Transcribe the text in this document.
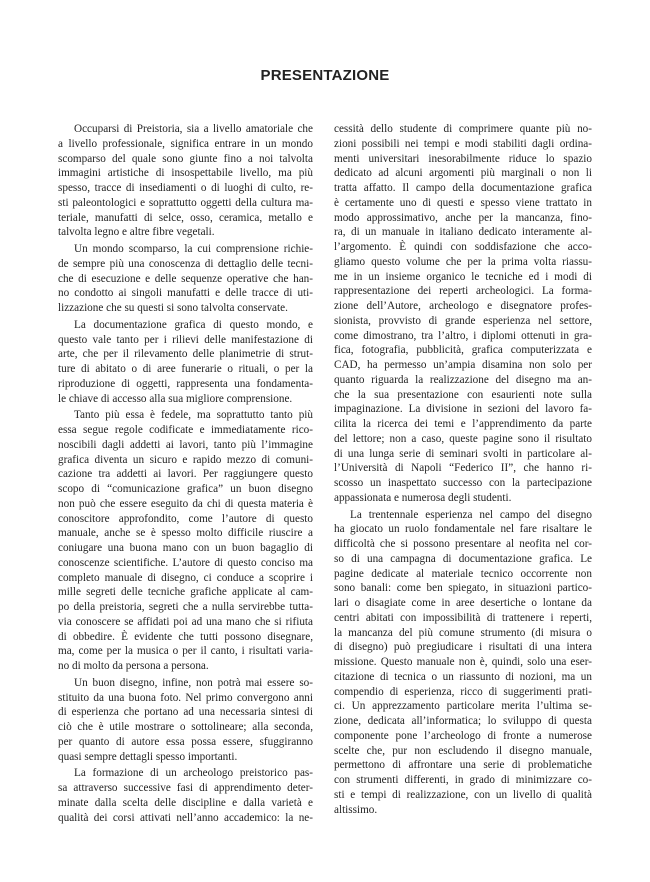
PRESENTAZIONE
Occuparsi di Preistoria, sia a livello amatoriale che
a livello professionale, significa entrare in un mondo
scomparso del quale sono giunte fino a noi talvolta
immagini artistiche di insospettabile livello, ma più
spesso, tracce di insediamenti o di luoghi di culto, re-
sti paleontologici e soprattutto oggetti della cultura ma-
teriale, manufatti di selce, osso, ceramica, metallo e
talvolta legno e altre fibre vegetali.
Un mondo scomparso, la cui comprensione richie-
de sempre più una conoscenza di dettaglio delle tecni-
che di esecuzione e delle sequenze operative che han-
no condotto ai singoli manufatti e delle tracce di uti-
lizzazione che su questi si sono talvolta conservate.
La documentazione grafica di questo mondo, e
questo vale tanto per i rilievi delle manifestazione di
arte, che per il rilevamento delle planimetrie di strut-
ture di abitato o di aree funerarie o rituali, o per la
riproduzione di oggetti, rappresenta una fondamenta-
le chiave di accesso alla sua migliore comprensione.
Tanto più essa è fedele, ma soprattutto tanto più
essa segue regole codificate e immediatamente rico-
noscibili dagli addetti ai lavori, tanto più l’immagine
grafica diventa un sicuro e rapido mezzo di comuni-
cazione tra addetti ai lavori. Per raggiungere questo
scopo di “comunicazione grafica” un buon disegno
non può che essere eseguito da chi di questa materia è
conoscitore approfondito, come l’autore di questo
manuale, anche se è spesso molto difficile riuscire a
coniugare una buona mano con un buon bagaglio di
conoscenze scientifiche. L’autore di questo conciso ma
completo manuale di disegno, ci conduce a scoprire i
mille segreti delle tecniche grafiche applicate al cam-
po della preistoria, segreti che a nulla servirebbe tutta-
via conoscere se affidati poi ad una mano che si rifiuta
di obbedire. È evidente che tutti possono disegnare,
ma, come per la musica o per il canto, i risultati varia-
no di molto da persona a persona.
Un buon disegno, infine, non potrà mai essere so-
stituito da una buona foto. Nel primo convergono anni
di esperienza che portano ad una necessaria sintesi di
ciò che è utile mostrare o sottolineare; alla seconda,
per quanto di autore essa possa essere, sfuggiranno
quasi sempre dettagli spesso importanti.
La formazione di un archeologo preistorico pas-
sa attraverso successive fasi di apprendimento deter-
minate dalla scelta delle discipline e dalla varietà e
qualità dei corsi attivati nell’anno accademico: la ne-
cessità dello studente di comprimere quante più no-
zioni possibili nei tempi e modi stabiliti dagli ordina-
menti universitari inesorabilmente riduce lo spazio
dedicato ad alcuni argomenti più marginali o non li
tratta affatto. Il campo della documentazione grafica
è certamente uno di questi e spesso viene trattato in
modo approssimativo, anche per la mancanza, fino-
ra, di un manuale in italiano dedicato interamente al-
l’argomento. È quindi con soddisfazione che acco-
gliamo questo volume che per la prima volta riassu-
me in un insieme organico le tecniche ed i modi di
rappresentazione dei reperti archeologici. La forma-
zione dell’Autore, archeologo e disegnatore profes-
sionista, provvisto di grande esperienza nel settore,
come dimostrano, tra l’altro, i diplomi ottenuti in gra-
fica, fotografia, pubblicità, grafica computerizzata e
CAD, ha permesso un’ampia disamina non solo per
quanto riguarda la realizzazione del disegno ma an-
che la sua presentazione con esaurienti note sulla
impaginazione. La divisione in sezioni del lavoro fa-
cilita la ricerca dei temi e l’apprendimento da parte
del lettore; non a caso, queste pagine sono il risultato
di una lunga serie di seminari svolti in particolare al-
l’Università di Napoli “Federico II”, che hanno ri-
scosso un inaspettato successo con la partecipazione
appassionata e numerosa degli studenti.
La trentennale esperienza nel campo del disegno
ha giocato un ruolo fondamentale nel fare risaltare le
difficoltà che si possono presentare al neofita nel cor-
so di una campagna di documentazione grafica. Le
pagine dedicate al materiale tecnico occorrente non
sono banali: come ben spiegato, in situazioni partico-
lari o disagiate come in aree desertiche o lontane da
centri abitati con impossibilità di trattenere i reperti,
la mancanza del più comune strumento (di misura o
di disegno) può pregiudicare i risultati di una intera
missione. Questo manuale non è, quindi, solo una eser-
citazione di tecnica o un riassunto di nozioni, ma un
compendio di esperienza, ricco di suggerimenti prati-
ci. Un apprezzamento particolare merita l’ultima se-
zione, dedicata all’informatica; lo sviluppo di questa
componente pone l’archeologo di fronte a numerose
scelte che, pur non escludendo il disegno manuale,
permettono di affrontare una serie di problematiche
con strumenti differenti, in grado di minimizzare co-
sti e tempi di realizzazione, con un livello di qualità
altissimo.
